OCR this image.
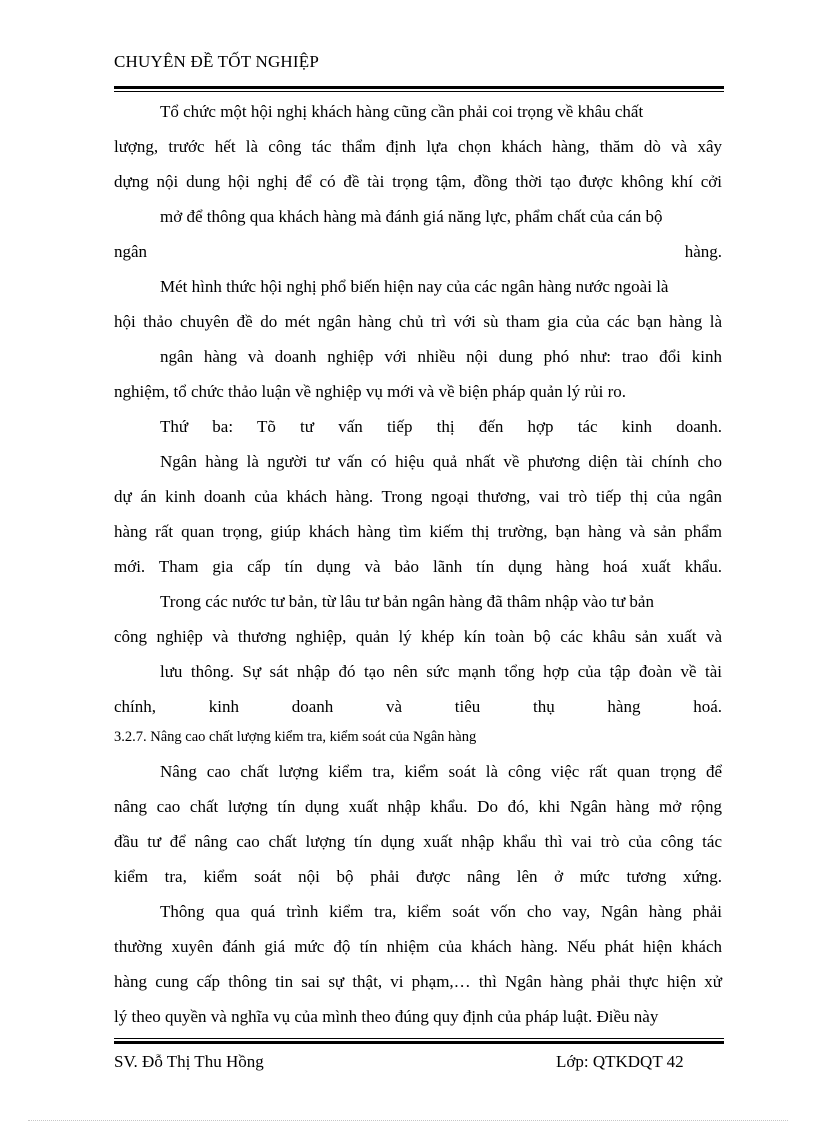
CHUYÊN ĐỀ TỐT NGHIỆP
Tổ chức một hội nghị khách hàng cũng cần phải coi trọng về khâu chất
lượng, trước hết là công tác thẩm định lựa chọn khách hàng, thăm dò và xây
dựng nội dung hội nghị để có đề tài trọng tậm, đồng thời tạo được không khí cởi
mở để thông qua khách hàng mà đánh giá năng lực, phẩm chất của cán bộ
ngân hàng.
Mét hình thức hội nghị phổ biến hiện nay của các ngân hàng nước ngoài là
hội thảo chuyên đề do mét ngân hàng chủ trì với sù tham gia của các bạn hàng là
ngân hàng và doanh nghiệp với nhiều nội dung phó như: trao đổi kinh
nghiệm, tổ chức thảo luận về nghiệp vụ mới và về biện pháp quản lý rủi ro.
Thứ ba: Tõ tư vấn tiếp thị đến hợp tác kinh doanh.
Ngân hàng là người tư vấn có hiệu quả nhất về phương diện tài chính cho
dự án kinh doanh của khách hàng. Trong ngoại thương, vai trò tiếp thị của ngân
hàng rất quan trọng, giúp khách hàng tìm kiếm thị trường, bạn hàng và sản phẩm
mới. Tham gia cấp tín dụng và bảo lãnh tín dụng hàng hoá xuất khẩu.
Trong các nước tư bản, từ lâu tư bản ngân hàng đã thâm nhập vào tư bản
công nghiệp và thương nghiệp, quản lý khép kín toàn bộ các khâu sản xuất và
lưu thông. Sự sát nhập đó tạo nên sức mạnh tổng hợp của tập đoàn về tài
chính, kinh doanh và tiêu thụ hàng hoá.
3.2.7. Nâng cao chất lượng kiểm tra, kiểm soát của Ngân hàng
Nâng cao chất lượng kiểm tra, kiểm soát là công việc rất quan trọng để
nâng cao chất lượng tín dụng xuất nhập khẩu. Do đó, khi Ngân hàng mở rộng
đầu tư để nâng cao chất lượng tín dụng xuất nhập khẩu thì vai trò của công tác
kiểm tra, kiểm soát nội bộ phải được nâng lên ở mức tương xứng.
Thông qua quá trình kiểm tra, kiểm soát vốn cho vay, Ngân hàng phải
thường xuyên đánh giá mức độ tín nhiệm của khách hàng. Nếu phát hiện khách
hàng cung cấp thông tin sai sự thật, vi phạm,… thì Ngân hàng phải thực hiện xử
lý theo quyền và nghĩa vụ của mình theo đúng quy định của pháp luật. Điều này
SV. Đỗ Thị Thu Hồng	Lớp: QTKDQT 42
